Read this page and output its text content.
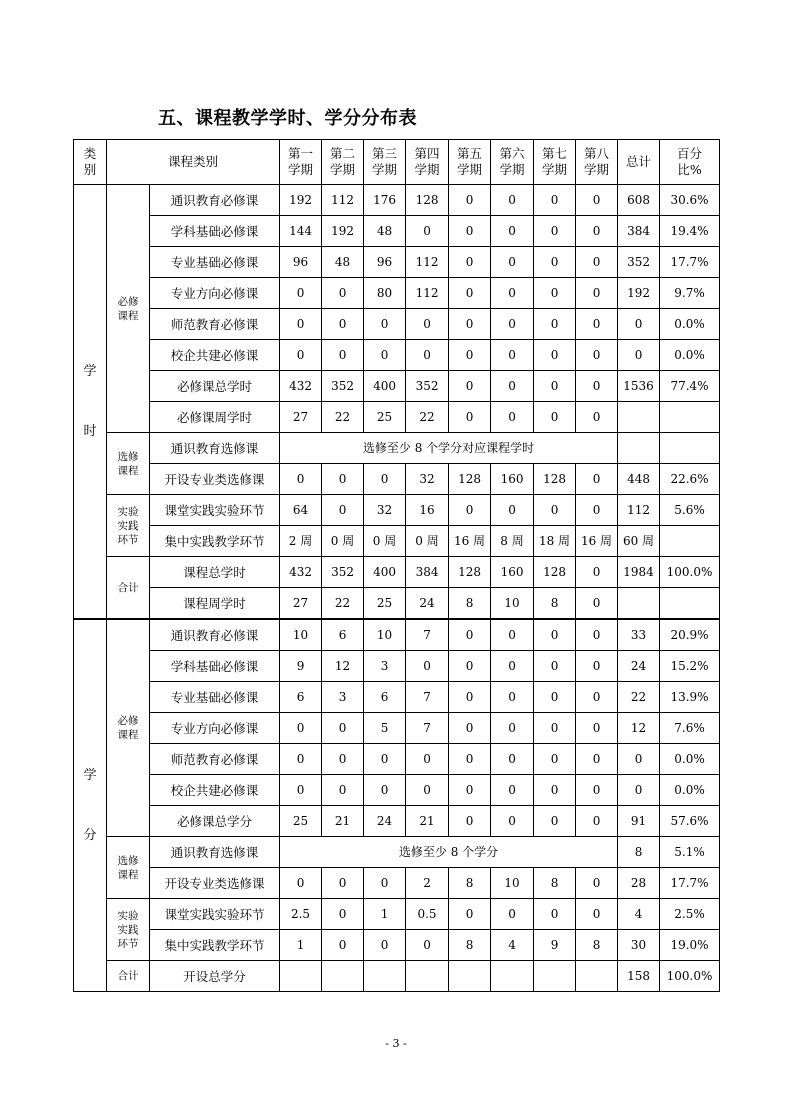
五、课程教学学时、学分分布表
类别	课程类别		第一学期	第二学期	第三学期	第四学期	第五学期	第六学期	第七学期	第八学期	总计	百分比%
学时	必修课程	通识教育必修课	192	112	176	128	0	0	0	0	608	30.6%
		学科基础必修课	144	192	48	0	0	0	0	0	384	19.4%
		专业基础必修课	96	48	96	112	0	0	0	0	352	17.7%
		专业方向必修课	0	0	80	112	0	0	0	0	192	9.7%
		师范教育必修课	0	0	0	0	0	0	0	0	0	0.0%
		校企共建必修课	0	0	0	0	0	0	0	0	0	0.0%
		必修课总学时	432	352	400	352	0	0	0	0	1536	77.4%
		必修课周学时	27	22	25	22	0	0	0	0		
	选修课程	通识教育选修课	选修至少 8 个学分对应课程学时									
		开设专业类选修课	0	0	0	32	128	160	128	0	448	22.6%
	实验实践环节	课堂实践实验环节	64	0	32	16	0	0	0	0	112	5.6%
		集中实践教学环节	2 周	0 周	0 周	0 周	16 周	8 周	18 周	16 周	60 周	
	合计	课程总学时	432	352	400	384	128	160	128	0	1984	100.0%
		课程周学时	27	22	25	24	8	10	8	0		
学分	必修课程	通识教育必修课	10	6	10	7	0	0	0	0	33	20.9%
		学科基础必修课	9	12	3	0	0	0	0	0	24	15.2%
		专业基础必修课	6	3	6	7	0	0	0	0	22	13.9%
		专业方向必修课	0	0	5	7	0	0	0	0	12	7.6%
		师范教育必修课	0	0	0	0	0	0	0	0	0	0.0%
		校企共建必修课	0	0	0	0	0	0	0	0	0	0.0%
		必修课总学分	25	21	24	21	0	0	0	0	91	57.6%
	选修课程	通识教育选修课	选修至少 8 个学分								8	5.1%
		开设专业类选修课	0	0	0	2	8	10	8	0	28	17.7%
	实验实践环节	课堂实践实验环节	2.5	0	1	0.5	0	0	0	0	4	2.5%
		集中实践教学环节	1	0	0	0	8	4	9	8	30	19.0%
	合计	开设总学分									158	100.0%
- 3 -
